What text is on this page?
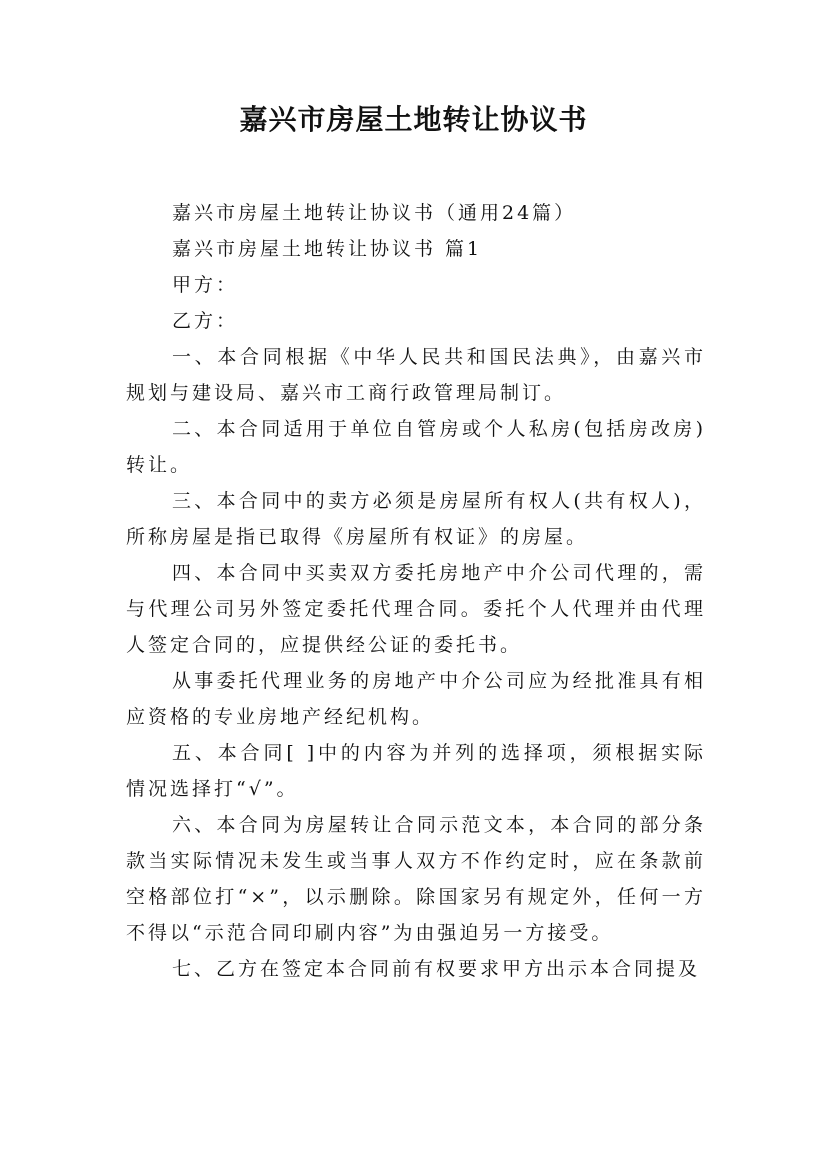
嘉兴市房屋土地转让协议书

嘉兴市房屋土地转让协议书（通用24篇）

嘉兴市房屋土地转让协议书 篇1

甲方：

乙方：

一、本合同根据《中华人民共和国民法典》，由嘉兴市规划与建设局、嘉兴市工商行政管理局制订。

二、本合同适用于单位自管房或个人私房(包括房改房)转让。

三、本合同中的卖方必须是房屋所有权人(共有权人)，所称房屋是指已取得《房屋所有权证》的房屋。

四、本合同中买卖双方委托房地产中介公司代理的，需与代理公司另外签定委托代理合同。委托个人代理并由代理人签定合同的，应提供经公证的委托书。

从事委托代理业务的房地产中介公司应为经批准具有相应资格的专业房地产经纪机构。

五、本合同[ ]中的内容为并列的选择项，须根据实际情况选择打“√”。

六、本合同为房屋转让合同示范文本，本合同的部分条款当实际情况未发生或当事人双方不作约定时，应在条款前空格部位打“×”，以示删除。除国家另有规定外，任何一方不得以“示范合同印刷内容”为由强迫另一方接受。

七、乙方在签定本合同前有权要求甲方出示本合同提及
